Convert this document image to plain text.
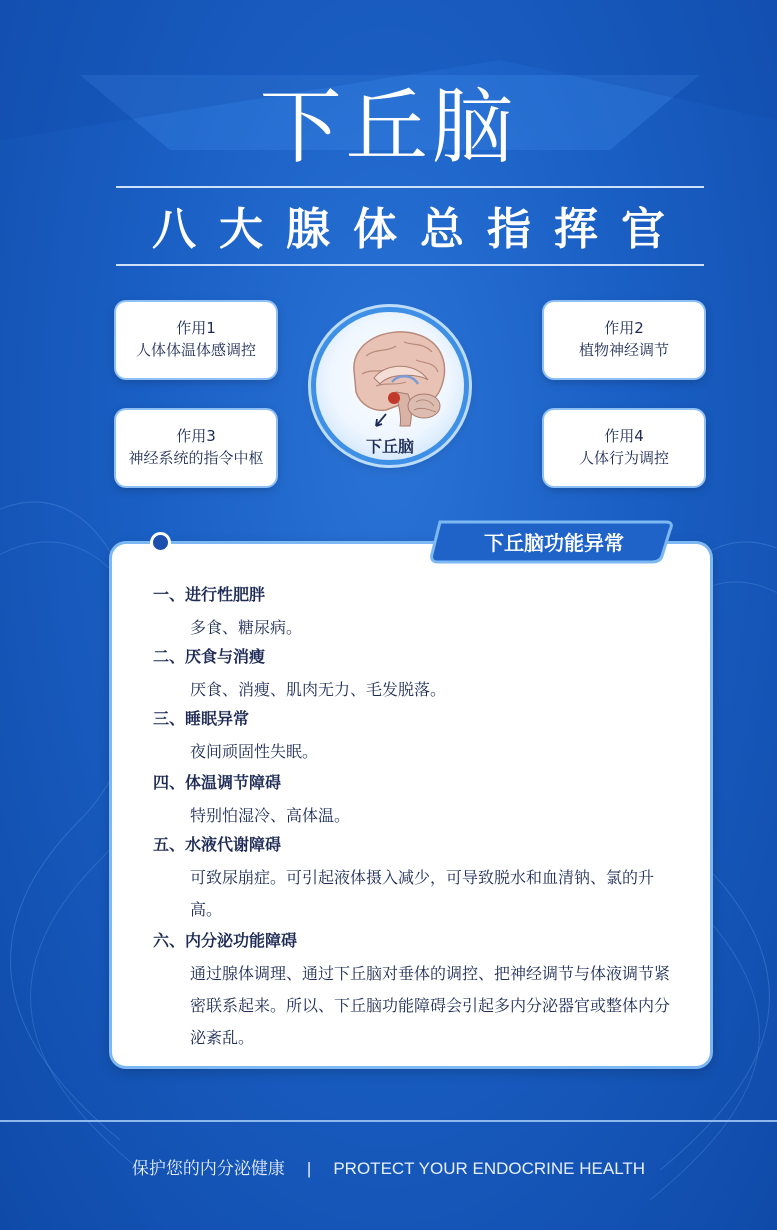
下丘脑
八大腺体总指挥官
作用1
人体体温体感调控
作用2
植物神经调节
作用3
神经系统的指令中枢
作用4
人体行为调控
下丘脑
下丘脑功能异常
一、进行性肥胖
多食、糖尿病。
二、厌食与消瘦
厌食、消瘦、肌肉无力、毛发脱落。
三、睡眠异常
夜间顽固性失眠。
四、体温调节障碍
特别怕湿冷、高体温。
五、水液代谢障碍
可致尿崩症。可引起液体摄入减少，可导致脱水和血清钠、氯的升高。
六、内分泌功能障碍
通过腺体调理、通过下丘脑对垂体的调控、把神经调节与体液调节紧密联系起来。所以、下丘脑功能障碍会引起多内分泌器官或整体内分泌紊乱。
保护您的内分泌健康 | PROTECT YOUR ENDOCRINE HEALTH
